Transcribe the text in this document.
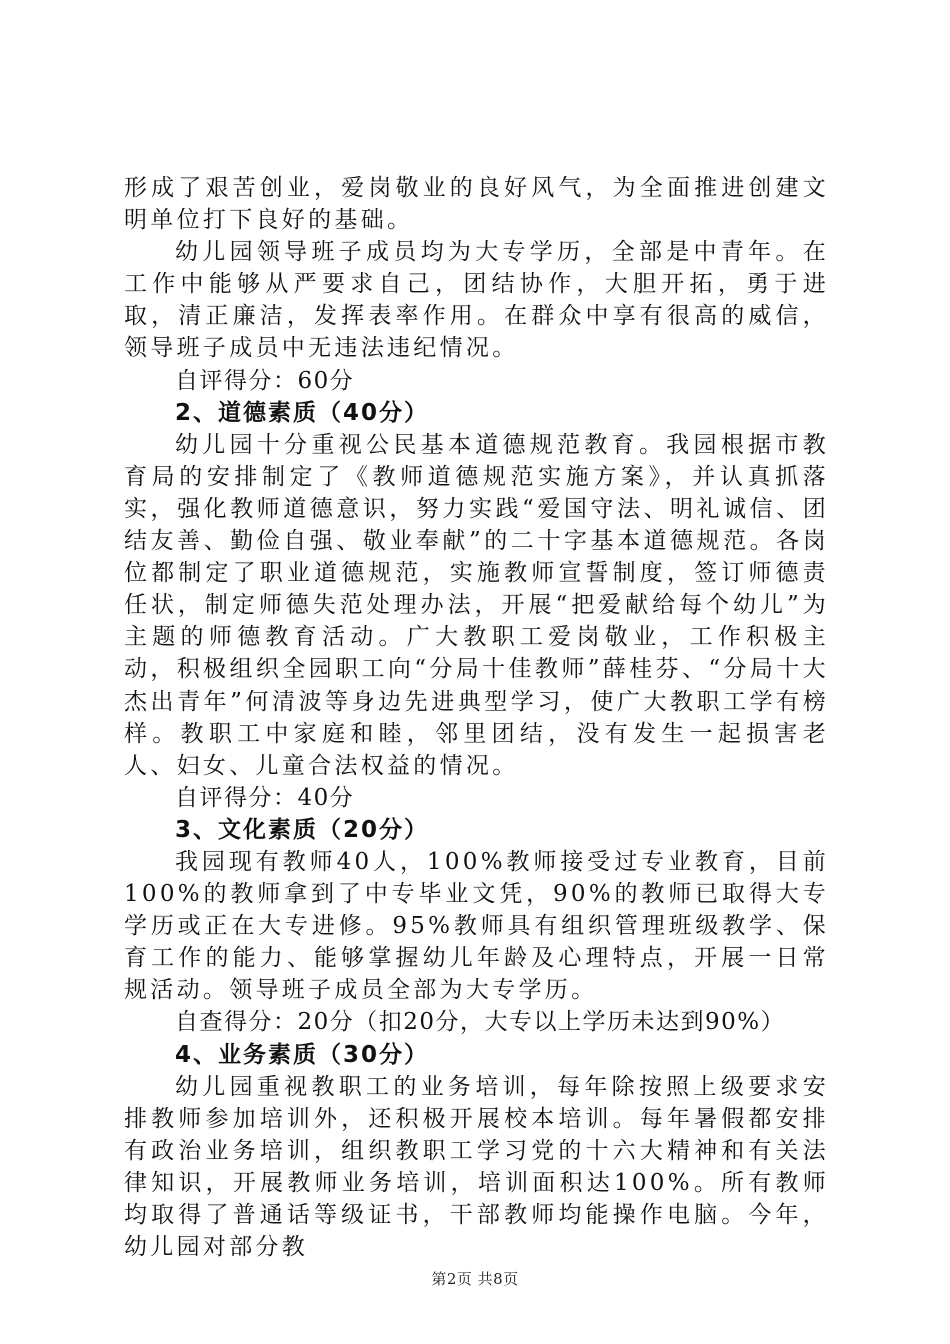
形成了艰苦创业，爱岗敬业的良好风气，为全面推进创建文明单位打下良好的基础。

幼儿园领导班子成员均为大专学历，全部是中青年。在工作中能够从严要求自己，团结协作，大胆开拓，勇于进取，清正廉洁，发挥表率作用。在群众中享有很高的威信，领导班子成员中无违法违纪情况。

自评得分：60分

2、道德素质（40分）

幼儿园十分重视公民基本道德规范教育。我园根据市教育局的安排制定了《教师道德规范实施方案》，并认真抓落实，强化教师道德意识，努力实践“爱国守法、明礼诚信、团结友善、勤俭自强、敬业奉献”的二十字基本道德规范。各岗位都制定了职业道德规范，实施教师宣誓制度，签订师德责任状，制定师德失范处理办法，开展“把爱献给每个幼儿”为主题的师德教育活动。广大教职工爱岗敬业，工作积极主动，积极组织全园职工向“分局十佳教师”薛桂芬、“分局十大杰出青年”何清波等身边先进典型学习，使广大教职工学有榜样。教职工中家庭和睦，邻里团结，没有发生一起损害老人、妇女、儿童合法权益的情况。

自评得分：40分

3、文化素质（20分）

我园现有教师40人，100%教师接受过专业教育，目前100%的教师拿到了中专毕业文凭，90%的教师已取得大专学历或正在大专进修。95%教师具有组织管理班级教学、保育工作的能力、能够掌握幼儿年龄及心理特点，开展一日常规活动。领导班子成员全部为大专学历。

自查得分：20分（扣20分，大专以上学历未达到90%）

4、业务素质（30分）

幼儿园重视教职工的业务培训，每年除按照上级要求安排教师参加培训外，还积极开展校本培训。每年暑假都安排有政治业务培训，组织教职工学习党的十六大精神和有关法律知识，开展教师业务培训，培训面积达100%。所有教师均取得了普通话等级证书，干部教师均能操作电脑。今年，幼儿园对部分教

第2页 共8页
